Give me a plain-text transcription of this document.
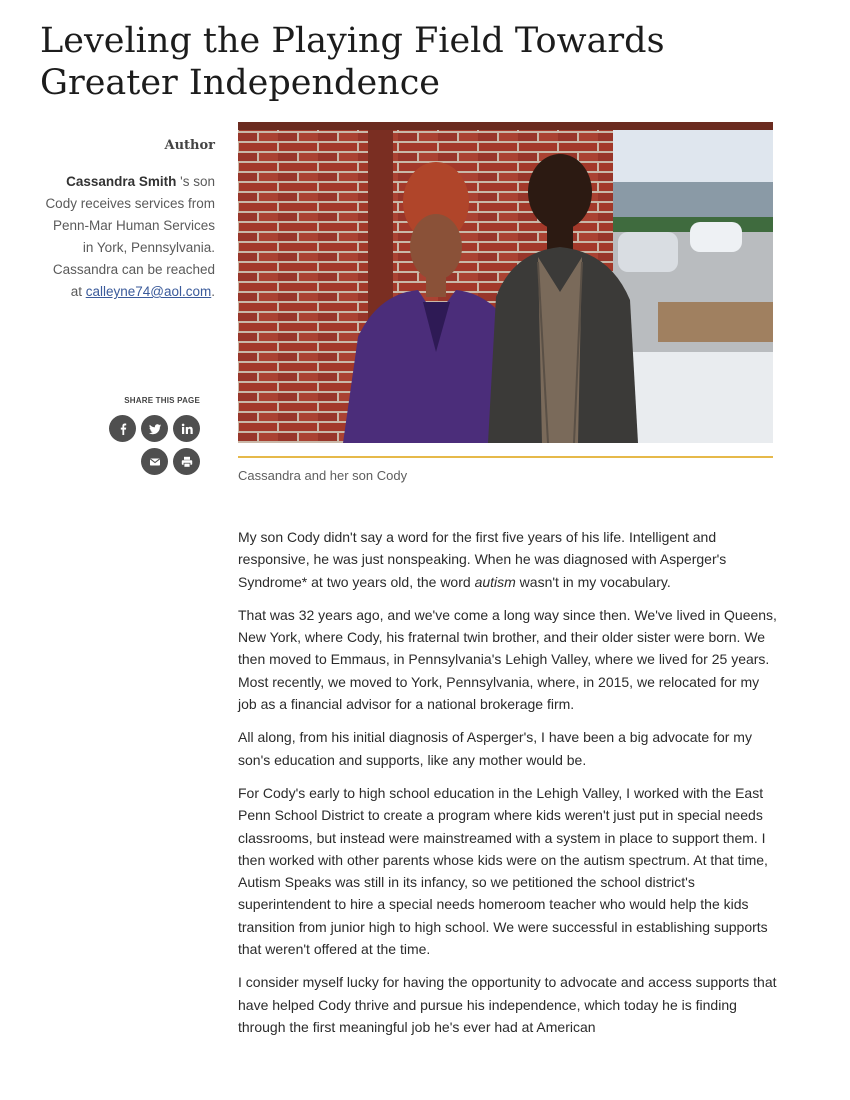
Leveling the Playing Field Towards Greater Independence
Author

Cassandra Smith 's son Cody receives services from Penn-Mar Human Services in York, Pennsylvania. Cassandra can be reached at calleyne74@aol.com.

SHARE THIS PAGE

Cassandra and her son Cody

My son Cody didn't say a word for the first five years of his life. Intelligent and responsive, he was just nonspeaking. When he was diagnosed with Asperger's Syndrome* at two years old, the word autism wasn't in my vocabulary.

That was 32 years ago, and we've come a long way since then. We've lived in Queens, New York, where Cody, his fraternal twin brother, and their older sister were born. We then moved to Emmaus, in Pennsylvania's Lehigh Valley, where we lived for 25 years. Most recently, we moved to York, Pennsylvania, where, in 2015, we relocated for my job as a financial advisor for a national brokerage firm.

All along, from his initial diagnosis of Asperger's, I have been a big advocate for my son's education and supports, like any mother would be.

For Cody's early to high school education in the Lehigh Valley, I worked with the East Penn School District to create a program where kids weren't just put in special needs classrooms, but instead were mainstreamed with a system in place to support them. I then worked with other parents whose kids were on the autism spectrum. At that time, Autism Speaks was still in its infancy, so we petitioned the school district's superintendent to hire a special needs homeroom teacher who would help the kids transition from junior high to high school. We were successful in establishing supports that weren't offered at the time.

I consider myself lucky for having the opportunity to advocate and access supports that have helped Cody thrive and pursue his independence, which today he is finding through the first meaningful job he's ever had at American
